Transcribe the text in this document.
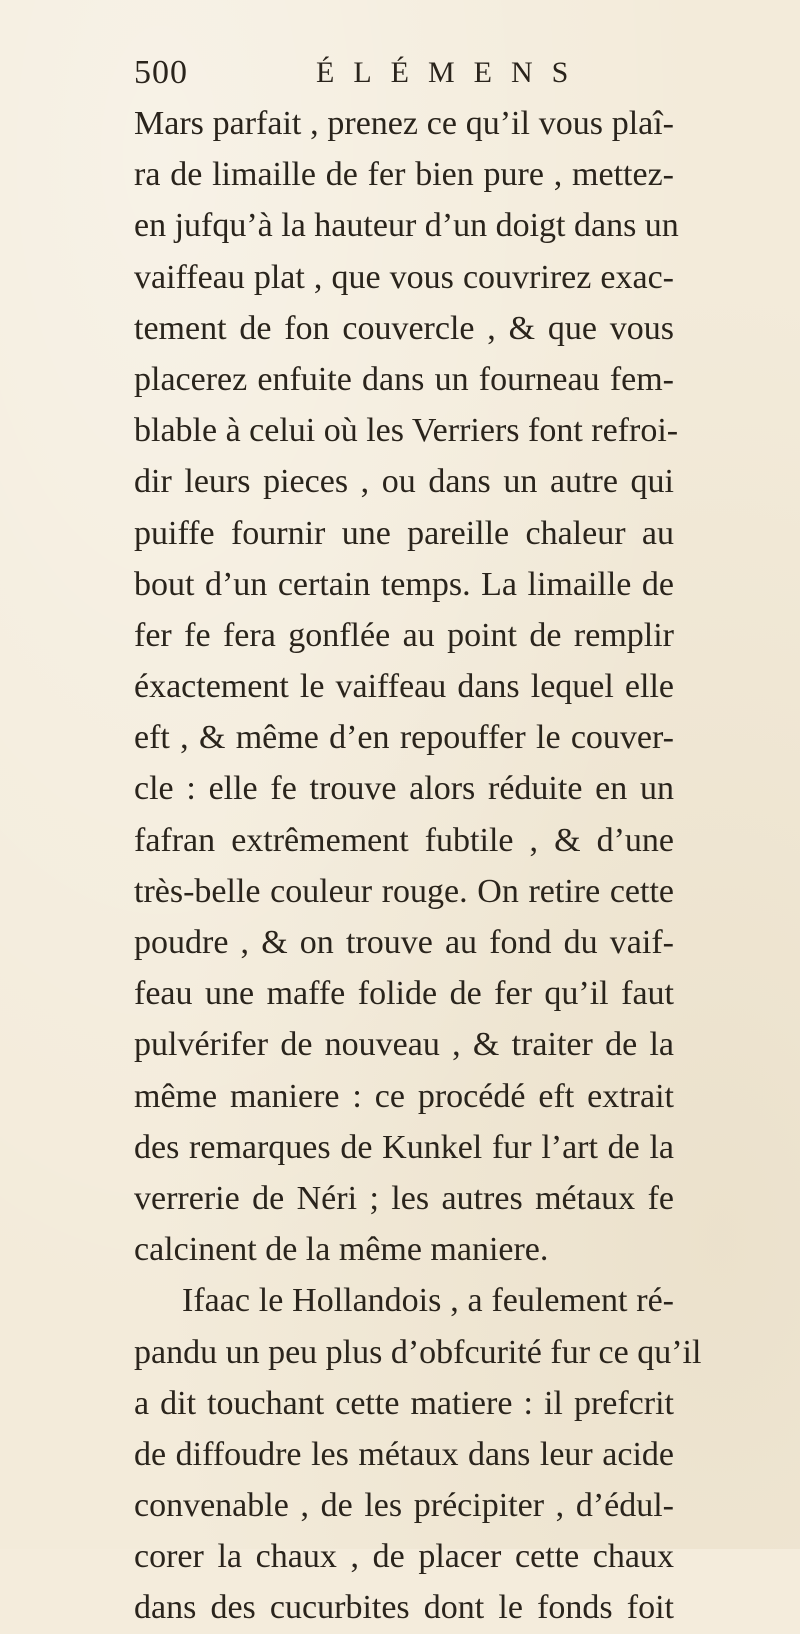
500	ÉLÉMENS
Mars parfait , prenez ce qu’il vous plaî-
ra de limaille de fer bien pure , mettez-
en jufqu’à la hauteur d’un doigt dans un
vaiffeau plat , que vous couvrirez exac-
tement de fon couvercle , & que vous
placerez enfuite dans un fourneau fem-
blable à celui où les Verriers font refroi-
dir leurs pieces , ou dans un autre qui
puiffe fournir une pareille chaleur au
bout d’un certain temps. La limaille de
fer fe fera gonflée au point de remplir
éxactement le vaiffeau dans lequel elle
eft , & même d’en repouffer le couver-
cle : elle fe trouve alors réduite en un
fafran extrêmement fubtile , & d’une
très-belle couleur rouge. On retire cette
poudre , & on trouve au fond du vaif-
feau une maffe folide de fer qu’il faut
pulvérifer de nouveau , & traiter de la
même maniere : ce procédé eft extrait
des remarques de Kunkel fur l’art de la
verrerie de Néri ; les autres métaux fe
calcinent de la même maniere.
Ifaac le Hollandois , a feulement ré-
pandu un peu plus d’obfcurité fur ce qu’il
a dit touchant cette matiere : il prefcrit
de diffoudre les métaux dans leur acide
convenable , de les précipiter , d’édul-
corer la chaux , de placer cette chaux
dans des cucurbites dont le fonds foit
